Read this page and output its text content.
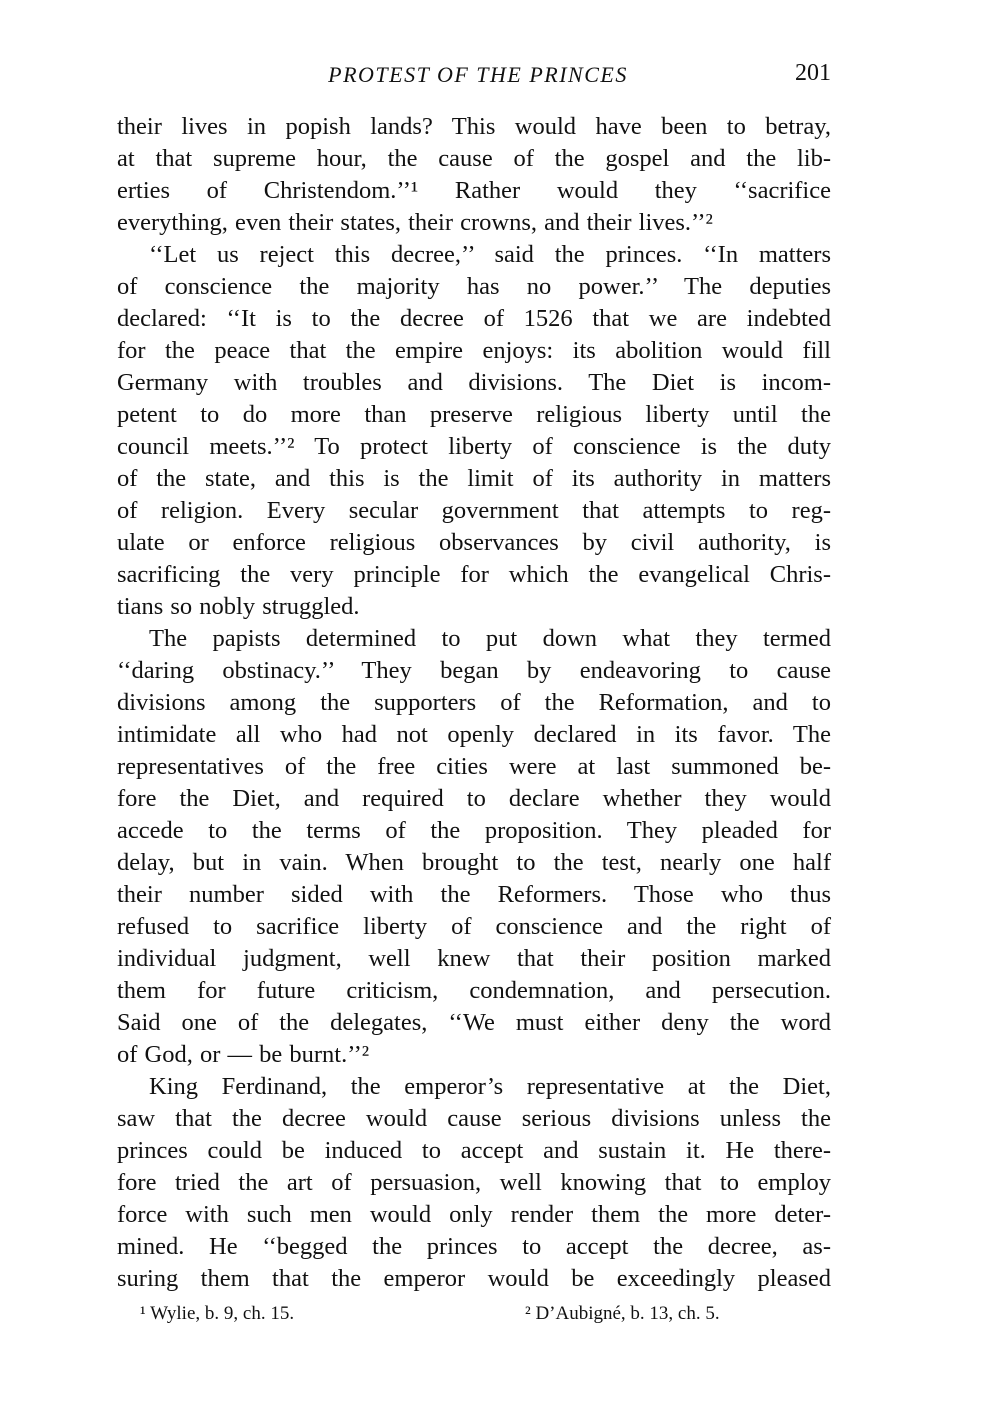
PROTEST OF THE PRINCES	201
their lives in popish lands? This would have been to betray,
at that supreme hour, the cause of the gospel and the lib-
erties of Christendom.’’¹ Rather would they ‘‘sacrifice
everything, even their states, their crowns, and their lives.’’²
‘‘Let us reject this decree,’’ said the princes. ‘‘In matters
of conscience the majority has no power.’’ The deputies
declared: ‘‘It is to the decree of 1526 that we are indebted
for the peace that the empire enjoys: its abolition would fill
Germany with troubles and divisions. The Diet is incom-
petent to do more than preserve religious liberty until the
council meets.’’² To protect liberty of conscience is the duty
of the state, and this is the limit of its authority in matters
of religion. Every secular government that attempts to reg-
ulate or enforce religious observances by civil authority, is
sacrificing the very principle for which the evangelical Chris-
tians so nobly struggled.
The papists determined to put down what they termed
‘‘daring obstinacy.’’ They began by endeavoring to cause
divisions among the supporters of the Reformation, and to
intimidate all who had not openly declared in its favor. The
representatives of the free cities were at last summoned be-
fore the Diet, and required to declare whether they would
accede to the terms of the proposition. They pleaded for
delay, but in vain. When brought to the test, nearly one half
their number sided with the Reformers. Those who thus
refused to sacrifice liberty of conscience and the right of
individual judgment, well knew that their position marked
them for future criticism, condemnation, and persecution.
Said one of the delegates, ‘‘We must either deny the word
of God, or — be burnt.’’²
King Ferdinand, the emperor’s representative at the Diet,
saw that the decree would cause serious divisions unless the
princes could be induced to accept and sustain it. He there-
fore tried the art of persuasion, well knowing that to employ
force with such men would only render them the more deter-
mined. He ‘‘begged the princes to accept the decree, as-
suring them that the emperor would be exceedingly pleased
¹ Wylie, b. 9, ch. 15.	² D’Aubigné, b. 13, ch. 5.
